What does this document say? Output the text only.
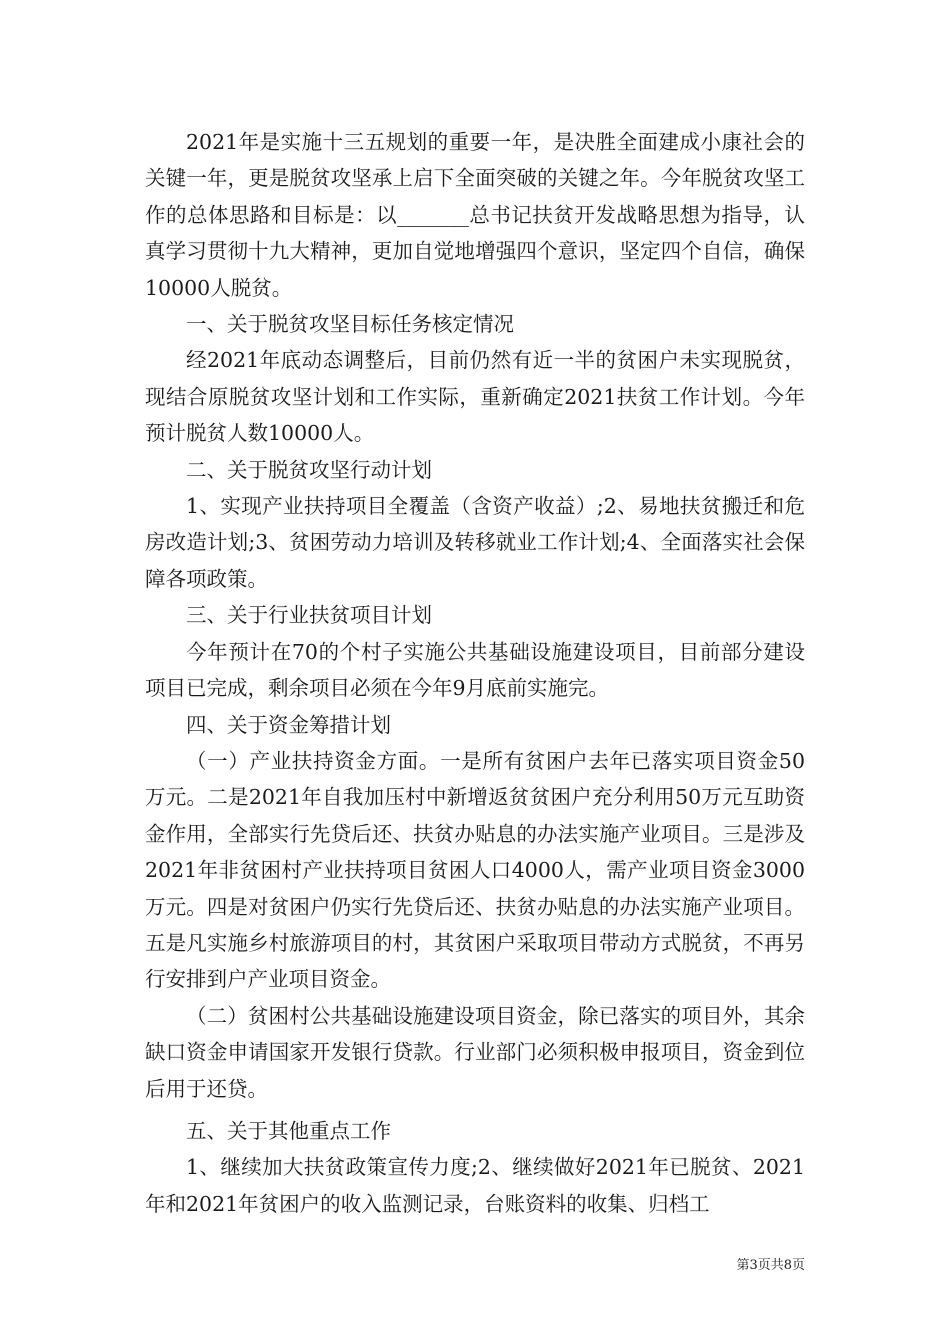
2021年是实施十三五规划的重要一年，是决胜全面建成小康社会的关键一年，更是脱贫攻坚承上启下全面突破的关键之年。今年脱贫攻坚工作的总体思路和目标是：以_______总书记扶贫开发战略思想为指导，认真学习贯彻十九大精神，更加自觉地增强四个意识，坚定四个自信，确保10000人脱贫。

一、关于脱贫攻坚目标任务核定情况

经2021年底动态调整后，目前仍然有近一半的贫困户未实现脱贫，现结合原脱贫攻坚计划和工作实际，重新确定2021扶贫工作计划。今年预计脱贫人数10000人。

二、关于脱贫攻坚行动计划

1、实现产业扶持项目全覆盖（含资产收益）;2、易地扶贫搬迁和危房改造计划;3、贫困劳动力培训及转移就业工作计划;4、全面落实社会保障各项政策。

三、关于行业扶贫项目计划

今年预计在70的个村子实施公共基础设施建设项目，目前部分建设项目已完成，剩余项目必须在今年9月底前实施完。

四、关于资金筹措计划

（一）产业扶持资金方面。一是所有贫困户去年已落实项目资金50万元。二是2021年自我加压村中新增返贫贫困户充分利用50万元互助资金作用，全部实行先贷后还、扶贫办贴息的办法实施产业项目。三是涉及2021年非贫困村产业扶持项目贫困人口4000人，需产业项目资金3000万元。四是对贫困户仍实行先贷后还、扶贫办贴息的办法实施产业项目。五是凡实施乡村旅游项目的村，其贫困户采取项目带动方式脱贫，不再另行安排到户产业项目资金。

（二）贫困村公共基础设施建设项目资金，除已落实的项目外，其余缺口资金申请国家开发银行贷款。行业部门必须积极申报项目，资金到位后用于还贷。

五、关于其他重点工作

1、继续加大扶贫政策宣传力度;2、继续做好2021年已脱贫、2021年和2021年贫困户的收入监测记录，台账资料的收集、归档工

第3页共8页
